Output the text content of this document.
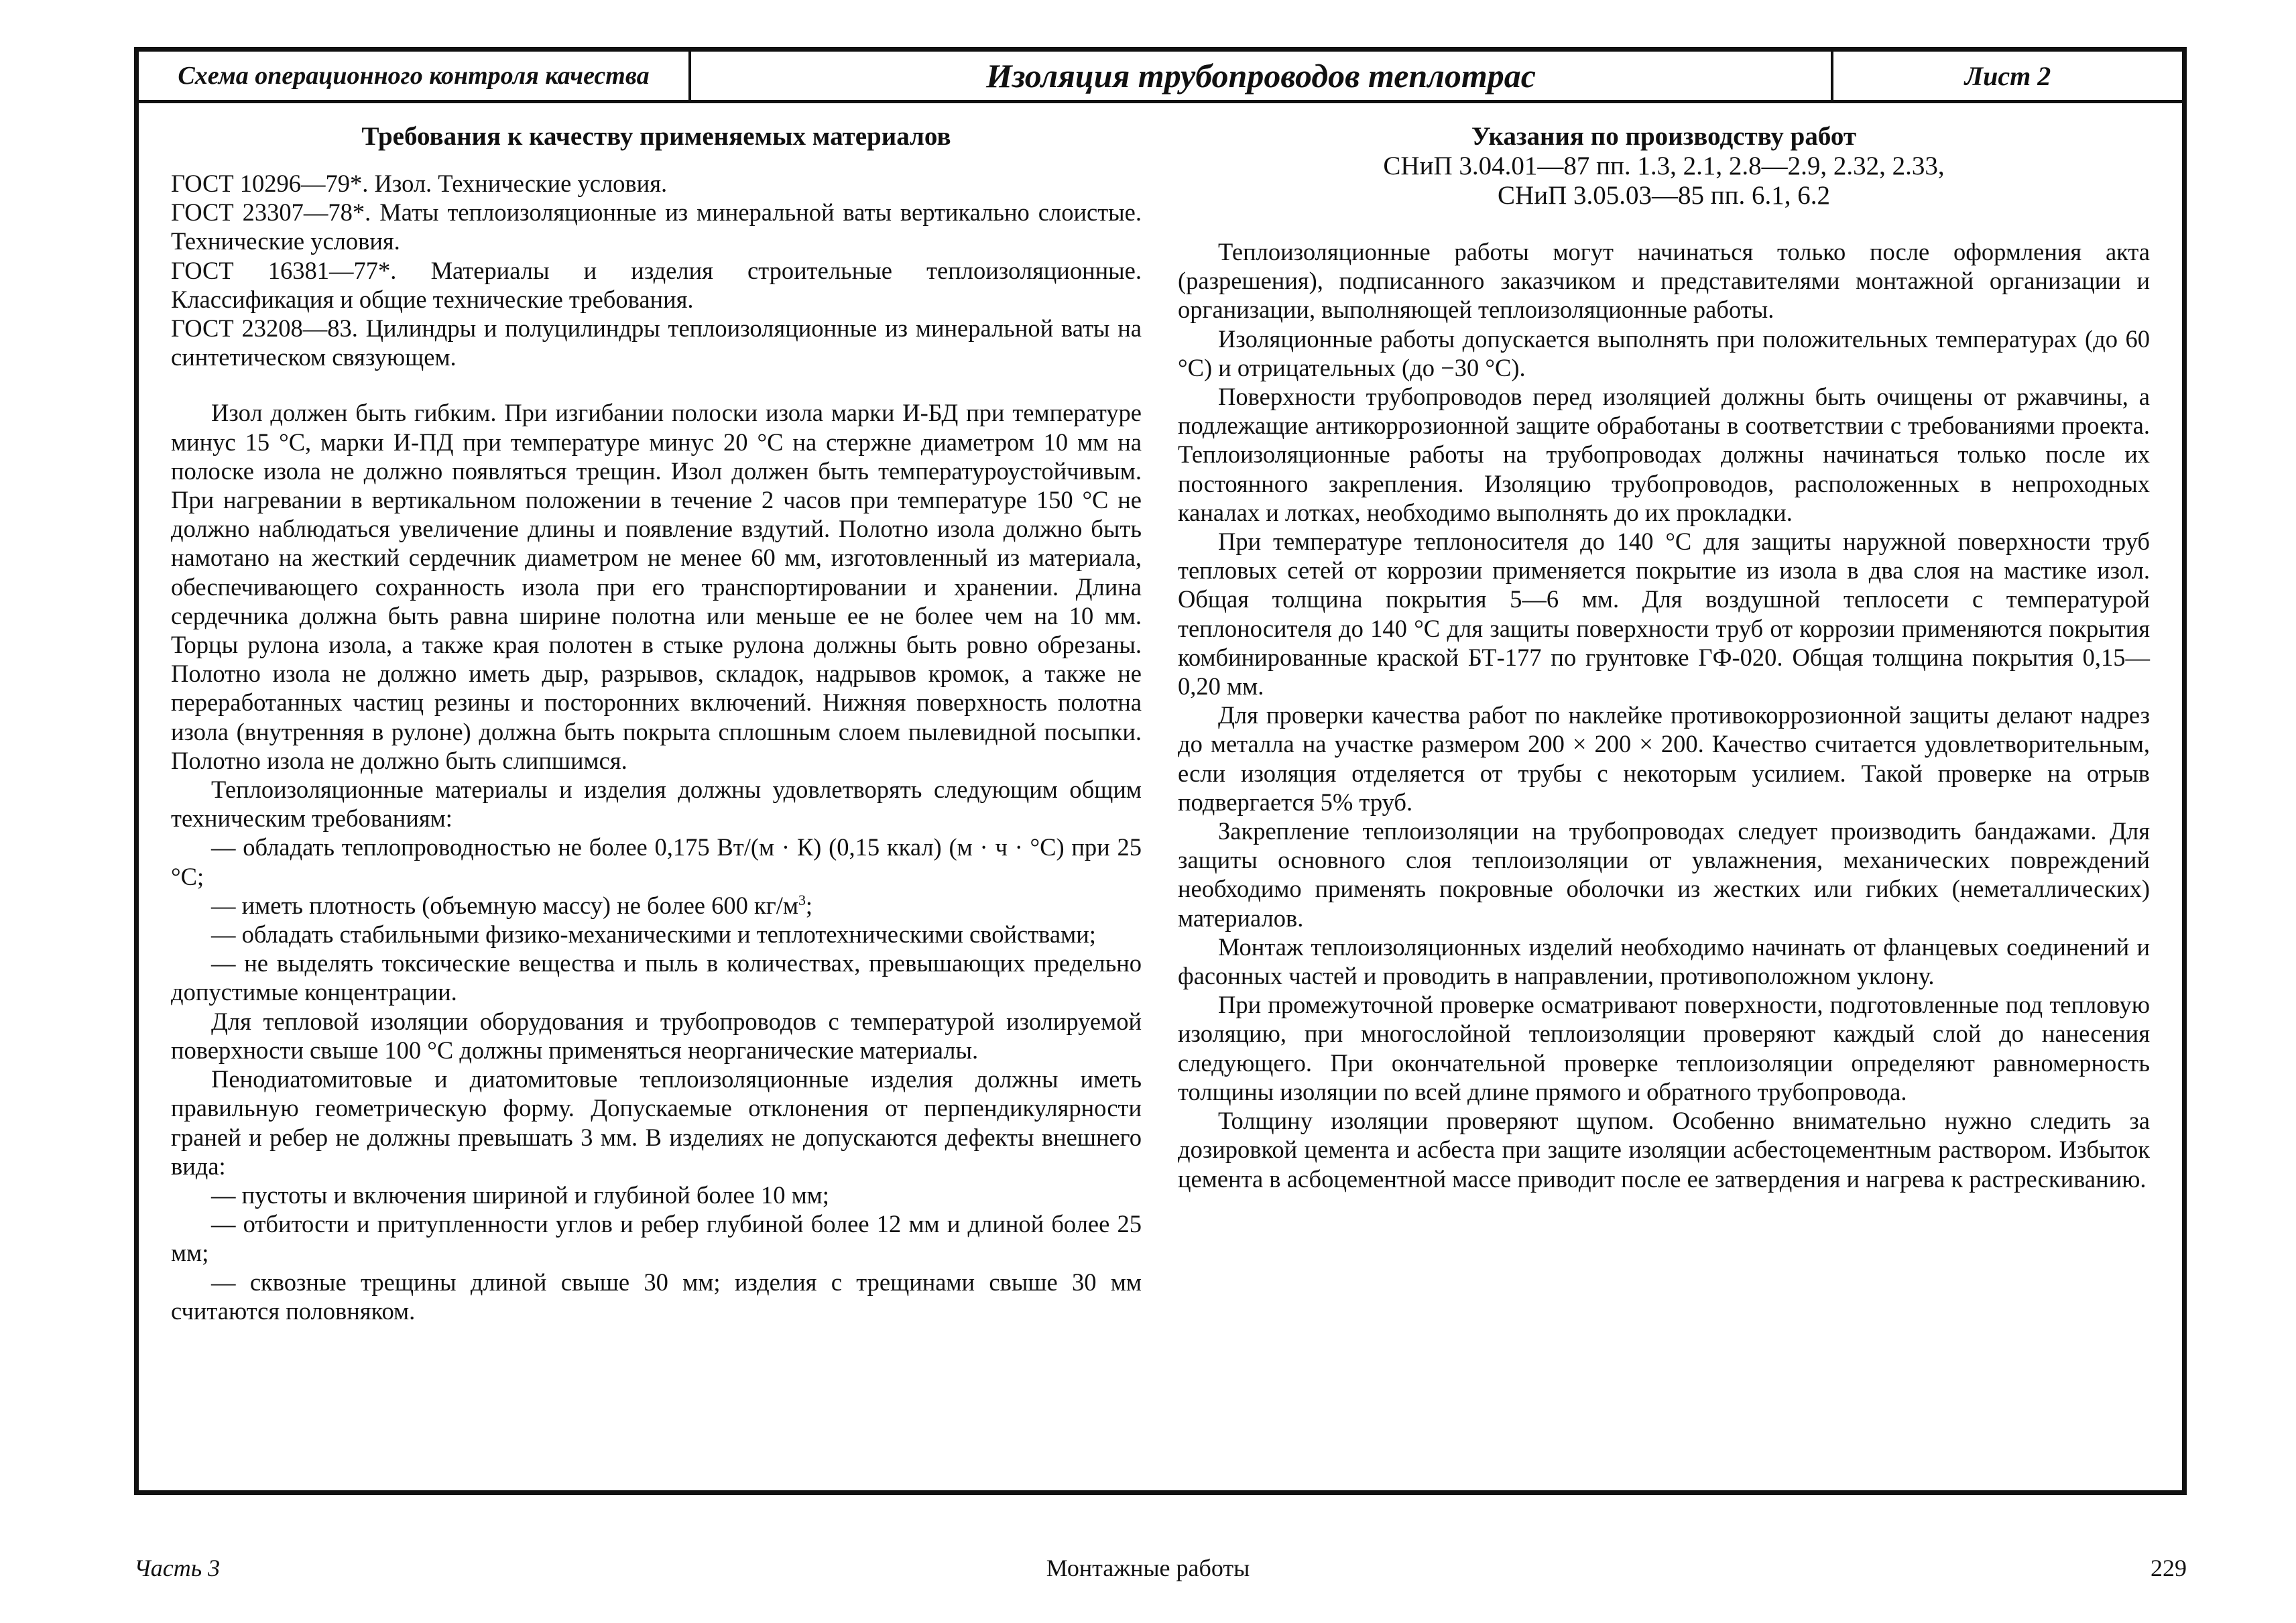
Схема операционного контроля качества	Изоляция трубопроводов теплотрас	Лист 2
Требования к качеству применяемых материалов

ГОСТ 10296—79*. Изол. Технические условия.

ГОСТ 23307—78*. Маты теплоизоляционные из минеральной ваты вертикально слоистые. Технические условия.

ГОСТ 16381—77*. Материалы и изделия строительные теплоизоляционные. Классификация и общие технические требования.

ГОСТ 23208—83. Цилиндры и полуцилиндры теплоизоляционные из минеральной ваты на синтетическом связующем.

Изол должен быть гибким. При изгибании полоски изола марки И-БД при температуре минус 15 °С, марки И-ПД при температуре минус 20 °С на стержне диаметром 10 мм на полоске изола не должно появляться трещин. Изол должен быть температуроустойчивым. При нагревании в вертикальном положении в течение 2 часов при температуре 150 °С не должно наблюдаться увеличение длины и появление вздутий. Полотно изола должно быть намотано на жесткий сердечник диаметром не менее 60 мм, изготовленный из материала, обеспечивающего сохранность изола при его транспортировании и хранении. Длина сердечника должна быть равна ширине полотна или меньше ее не более чем на 10 мм. Торцы рулона изола, а также края полотен в стыке рулона должны быть ровно обрезаны. Полотно изола не должно иметь дыр, разрывов, складок, надрывов кромок, а также не переработанных частиц резины и посторонних включений. Нижняя поверхность полотна изола (внутренняя в рулоне) должна быть покрыта сплошным слоем пылевидной посыпки. Полотно изола не должно быть слипшимся.

Теплоизоляционные материалы и изделия должны удовлетворять следующим общим техническим требованиям:

— обладать теплопроводностью не более 0,175 Вт/(м · К) (0,15 ккал) (м · ч · °С) при 25 °С;

— иметь плотность (объемную массу) не более 600 $кг/м^3$;

— обладать стабильными физико-механическими и теплотехническими свойствами;

— не выделять токсические вещества и пыль в количествах, превышающих предельно допустимые концентрации.

Для тепловой изоляции оборудования и трубопроводов с температурой изолируемой поверхности свыше 100 °С должны применяться неорганические материалы.

Пенодиатомитовые и диатомитовые теплоизоляционные изделия должны иметь правильную геометрическую форму. Допускаемые отклонения от перпендикулярности граней и ребер не должны превышать 3 мм. В изделиях не допускаются дефекты внешнего вида:

— пустоты и включения шириной и глубиной более 10 мм;

— отбитости и притупленности углов и ребер глубиной более 12 мм и длиной более 25 мм;

— сквозные трещины длиной свыше 30 мм; изделия с трещинами свыше 30 мм считаются половняком.

Указания по производству работ
СНиП 3.04.01—87 пп. 1.3, 2.1, 2.8—2.9, 2.32, 2.33,
СНиП 3.05.03—85 пп. 6.1, 6.2

Теплоизоляционные работы могут начинаться только после оформления акта (разрешения), подписанного заказчиком и представителями монтажной организации и организации, выполняющей теплоизоляционные работы.

Изоляционные работы допускается выполнять при положительных температурах (до 60 °С) и отрицательных (до −30 °С).

Поверхности трубопроводов перед изоляцией должны быть очищены от ржавчины, а подлежащие антикоррозионной защите обработаны в соответствии с требованиями проекта. Теплоизоляционные работы на трубопроводах должны начинаться только после их постоянного закрепления. Изоляцию трубопроводов, расположенных в непроходных каналах и лотках, необходимо выполнять до их прокладки.

При температуре теплоносителя до 140 °С для защиты наружной поверхности труб тепловых сетей от коррозии применяется покрытие из изола в два слоя на мастике изол. Общая толщина покрытия 5—6 мм. Для воздушной теплосети с температурой теплоносителя до 140 °С для защиты поверхности труб от коррозии применяются покрытия комбинированные краской БТ-177 по грунтовке ГФ-020. Общая толщина покрытия 0,15—0,20 мм.

Для проверки качества работ по наклейке противокоррозионной защиты делают надрез до металла на участке размером 200 × 200 × 200. Качество считается удовлетворительным, если изоляция отделяется от трубы с некоторым усилием. Такой проверке на отрыв подвергается 5% труб.

Закрепление теплоизоляции на трубопроводах следует производить бандажами. Для защиты основного слоя теплоизоляции от увлажнения, механических повреждений необходимо применять покровные оболочки из жестких или гибких (неметаллических) материалов.

Монтаж теплоизоляционных изделий необходимо начинать от фланцевых соединений и фасонных частей и проводить в направлении, противоположном уклону.

При промежуточной проверке осматривают поверхности, подготовленные под тепловую изоляцию, при многослойной теплоизоляции проверяют каждый слой до нанесения следующего. При окончательной проверке теплоизоляции определяют равномерность толщины изоляции по всей длине прямого и обратного трубопровода.

Толщину изоляции проверяют щупом. Особенно внимательно нужно следить за дозировкой цемента и асбеста при защите изоляции асбестоцементным раствором. Избыток цемента в асбоцементной массе приводит после ее затвердения и нагрева к растрескиванию.

Часть 3	Монтажные работы	229
